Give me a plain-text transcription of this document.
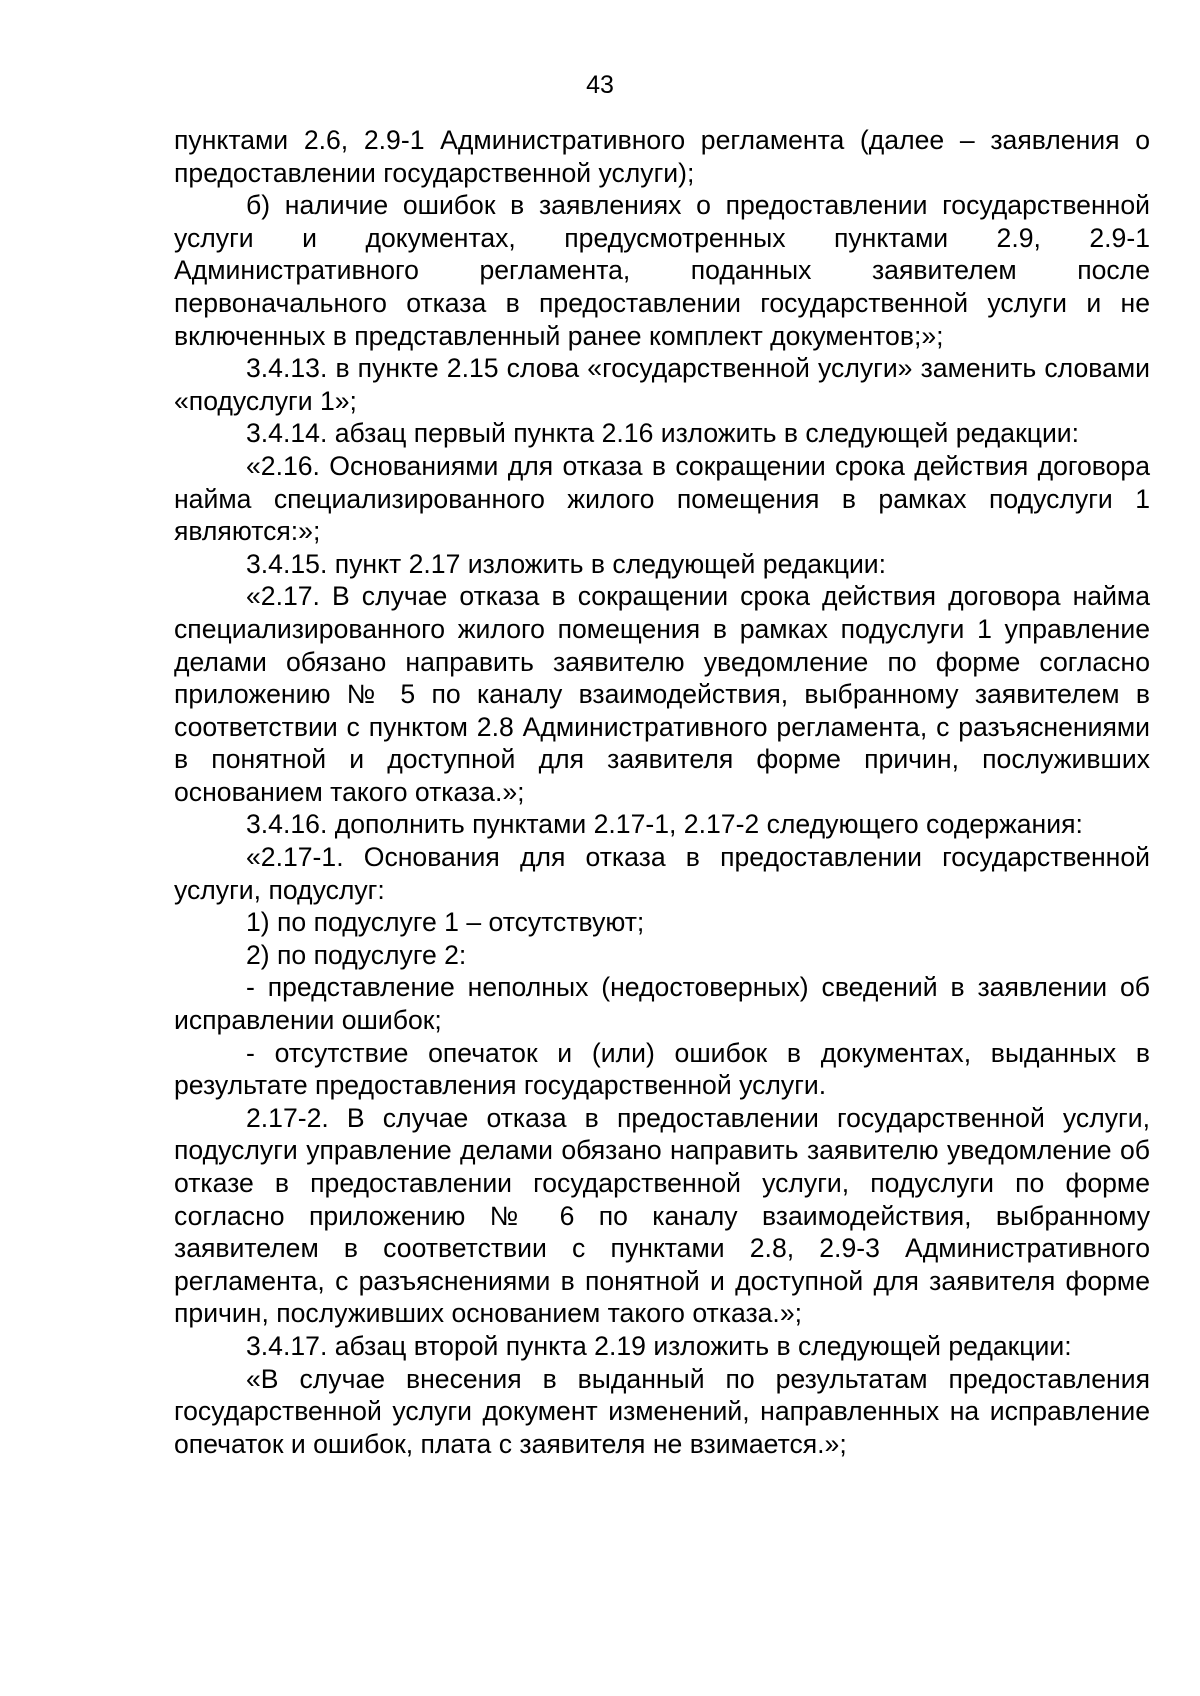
43

пунктами 2.6, 2.9-1 Административного регламента (далее – заявления о предоставлении государственной услуги);

б) наличие ошибок в заявлениях о предоставлении государственной услуги и документах, предусмотренных пунктами 2.9, 2.9-1 Административного регламента, поданных заявителем после первоначального отказа в предоставлении государственной услуги и не включенных в представленный ранее комплект документов;»;

3.4.13. в пункте 2.15 слова «государственной услуги» заменить словами «подуслуги 1»;

3.4.14. абзац первый пункта 2.16 изложить в следующей редакции:

«2.16. Основаниями для отказа в сокращении срока действия договора найма специализированного жилого помещения в рамках подуслуги 1 являются:»;

3.4.15. пункт 2.17 изложить в следующей редакции:

«2.17. В случае отказа в сокращении срока действия договора найма специализированного жилого помещения в рамках подуслуги 1 управление делами обязано направить заявителю уведомление по форме согласно приложению № 5 по каналу взаимодействия, выбранному заявителем в соответствии с пунктом 2.8 Административного регламента, с разъяснениями в понятной и доступной для заявителя форме причин, послуживших основанием такого отказа.»;

3.4.16. дополнить пунктами 2.17-1, 2.17-2 следующего содержания:

«2.17-1. Основания для отказа в предоставлении государственной услуги, подуслуг:

1) по подуслуге 1 – отсутствуют;

2) по подуслуге 2:

- представление неполных (недостоверных) сведений в заявлении об исправлении ошибок;

- отсутствие опечаток и (или) ошибок в документах, выданных в результате предоставления государственной услуги.

2.17-2. В случае отказа в предоставлении государственной услуги, подуслуги управление делами обязано направить заявителю уведомление об отказе в предоставлении государственной услуги, подуслуги по форме согласно приложению № 6 по каналу взаимодействия, выбранному заявителем в соответствии с пунктами 2.8, 2.9-3 Административного регламента, с разъяснениями в понятной и доступной для заявителя форме причин, послуживших основанием такого отказа.»;

3.4.17. абзац второй пункта 2.19 изложить в следующей редакции:

«В случае внесения в выданный по результатам предоставления государственной услуги документ изменений, направленных на исправление опечаток и ошибок, плата с заявителя не взимается.»;
